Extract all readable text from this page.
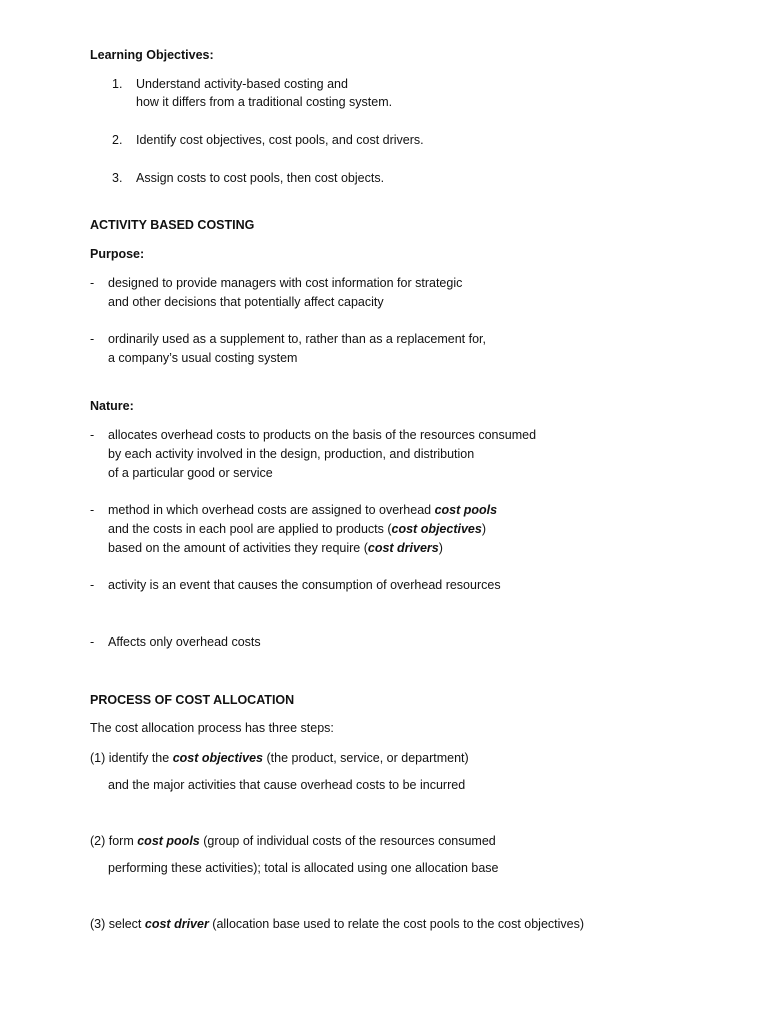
Learning Objectives:
1. Understand activity-based costing and
how it differs from a traditional costing system.
2. Identify cost objectives, cost pools, and cost drivers.
3. Assign costs to cost pools, then cost objects.
ACTIVITY BASED COSTING
Purpose:
- designed to provide managers with cost information for strategic
and other decisions that potentially affect capacity
- ordinarily used as a supplement to, rather than as a replacement for,
a company’s usual costing system
Nature:
- allocates overhead costs to products on the basis of the resources consumed
by each activity involved in the design, production, and distribution
of a particular good or service
- method in which overhead costs are assigned to overhead cost pools
and the costs in each pool are applied to products (cost objectives)
based on the amount of activities they require (cost drivers)
- activity is an event that causes the consumption of overhead resources
- Affects only overhead costs
PROCESS OF COST ALLOCATION
The cost allocation process has three steps:
(1) identify the cost objectives (the product, service, or department)
and the major activities that cause overhead costs to be incurred
(2) form cost pools (group of individual costs of the resources consumed
performing these activities); total is allocated using one allocation base
(3) select cost driver (allocation base used to relate the cost pools to the cost objectives)
